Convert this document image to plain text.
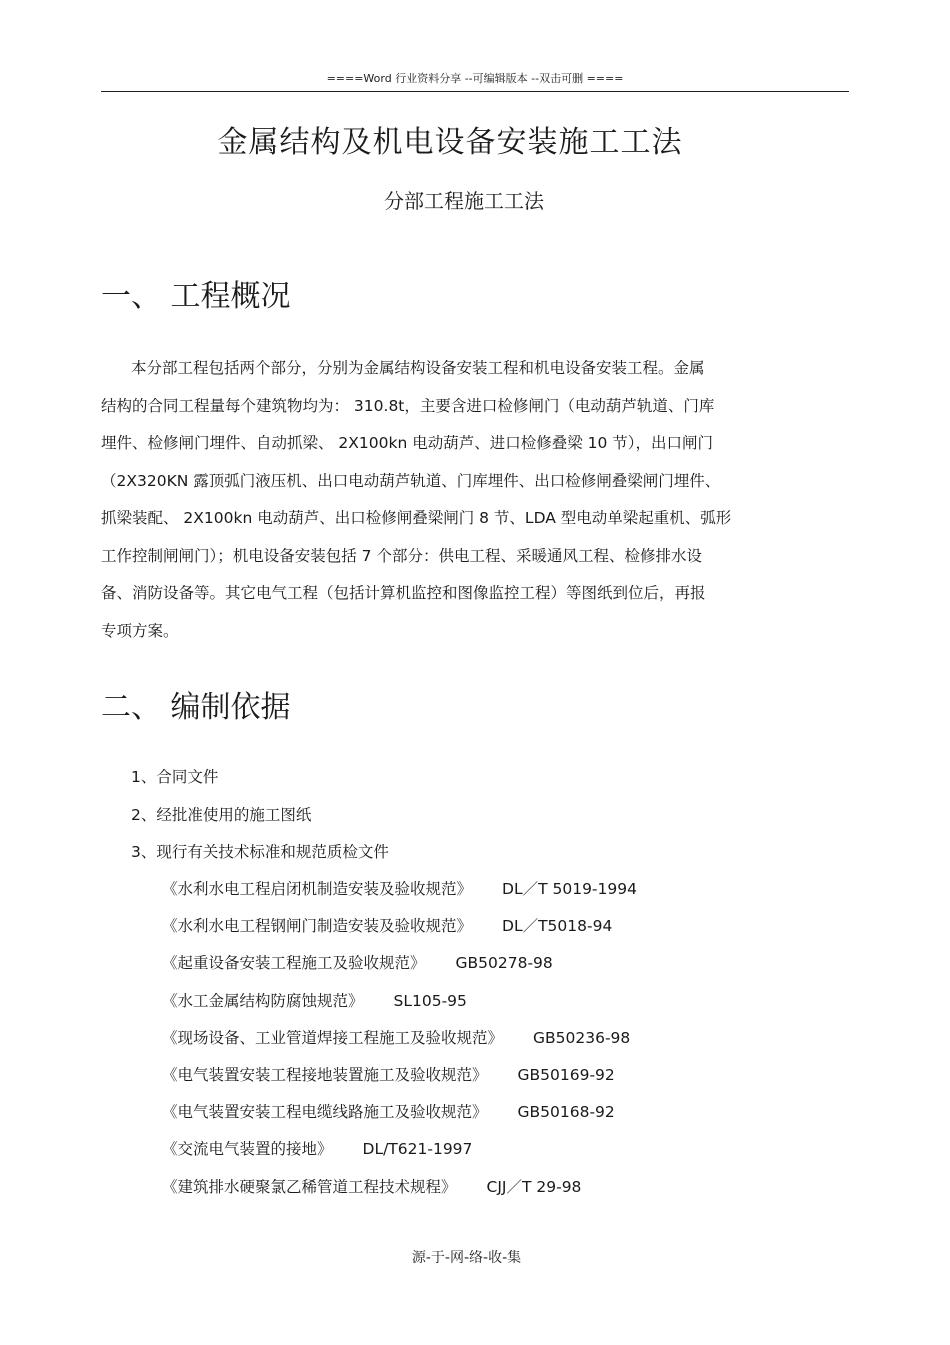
====Word 行业资料分享 --可编辑版本 --双击可删 ====
金属结构及机电设备安装施工工法
分部工程施工工法
一、 工程概况
本分部工程包括两个部分，分别为金属结构设备安装工程和机电设备安装工程。金属
结构的合同工程量每个建筑物均为： 310.8t，主要含进口检修闸门（电动葫芦轨道、门库
埋件、检修闸门埋件、自动抓梁、 2X100kn 电动葫芦、进口检修叠梁 10 节），出口闸门
（2X320KN 露顶弧门液压机、出口电动葫芦轨道、门库埋件、出口检修闸叠梁闸门埋件、
抓梁装配、 2X100kn 电动葫芦、出口检修闸叠梁闸门 8 节、LDA 型电动单梁起重机、弧形
工作控制闸闸门）；机电设备安装包括 7 个部分：供电工程、采暖通风工程、检修排水设
备、消防设备等。其它电气工程（包括计算机监控和图像监控工程）等图纸到位后，再报
专项方案。
二、 编制依据
1、合同文件
2、经批准使用的施工图纸
3、现行有关技术标准和规范质检文件
《水利水电工程启闭机制造安装及验收规范》 DL／T 5019-1994
《水利水电工程钢闸门制造安装及验收规范》 DL／T5018-94
《起重设备安装工程施工及验收规范》 GB50278-98
《水工金属结构防腐蚀规范》 SL105-95
《现场设备、工业管道焊接工程施工及验收规范》 GB50236-98
《电气装置安装工程接地装置施工及验收规范》 GB50169-92
《电气装置安装工程电缆线路施工及验收规范》 GB50168-92
《交流电气装置的接地》 DL/T621-1997
《建筑排水硬聚氯乙稀管道工程技术规程》 CJJ／T 29-98
源-于-网-络-收-集
